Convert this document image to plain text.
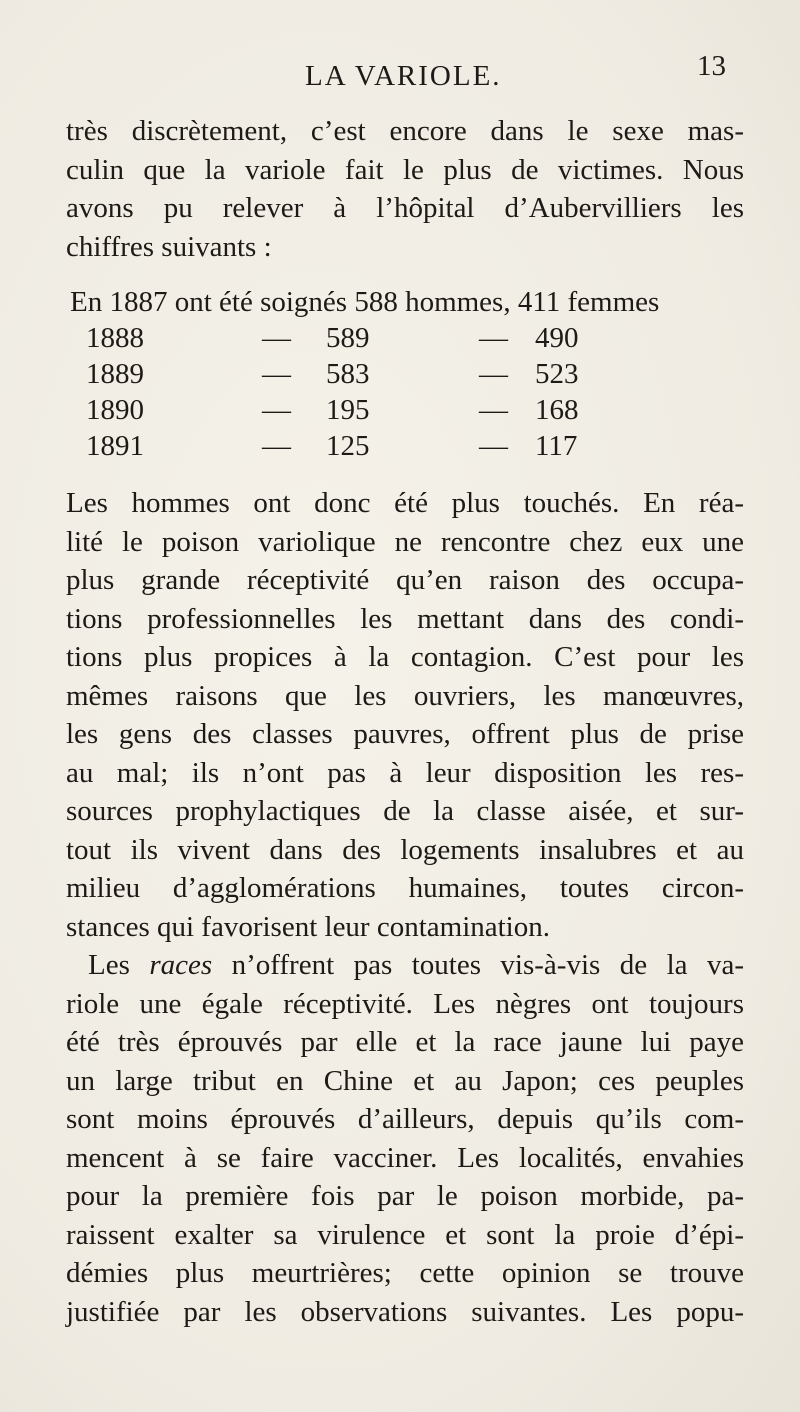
LA VARIOLE.	13
très discrètement, c’est encore dans le sexe mas-
culin que la variole fait le plus de victimes. Nous
avons pu relever à l’hôpital d’Aubervilliers les
chiffres suivants :
En 1887 ont été soignés 588 hommes, 411 femmes
1888	— 589	— 490
1889	— 583	— 523
1890	— 195	— 168
1891	— 125	— 117
Les hommes ont donc été plus touchés. En réa-
lité le poison variolique ne rencontre chez eux une
plus grande réceptivité qu’en raison des occupa-
tions professionnelles les mettant dans des condi-
tions plus propices à la contagion. C’est pour les
mêmes raisons que les ouvriers, les manœuvres,
les gens des classes pauvres, offrent plus de prise
au mal; ils n’ont pas à leur disposition les res-
sources prophylactiques de la classe aisée, et sur-
tout ils vivent dans des logements insalubres et au
milieu d’agglomérations humaines, toutes circon-
stances qui favorisent leur contamination.
Les races n’offrent pas toutes vis-à-vis de la va-
riole une égale réceptivité. Les nègres ont toujours
été très éprouvés par elle et la race jaune lui paye
un large tribut en Chine et au Japon; ces peuples
sont moins éprouvés d’ailleurs, depuis qu’ils com-
mencent à se faire vacciner. Les localités, envahies
pour la première fois par le poison morbide, pa-
raissent exalter sa virulence et sont la proie d’épi-
démies plus meurtrières; cette opinion se trouve
justifiée par les observations suivantes. Les popu-
